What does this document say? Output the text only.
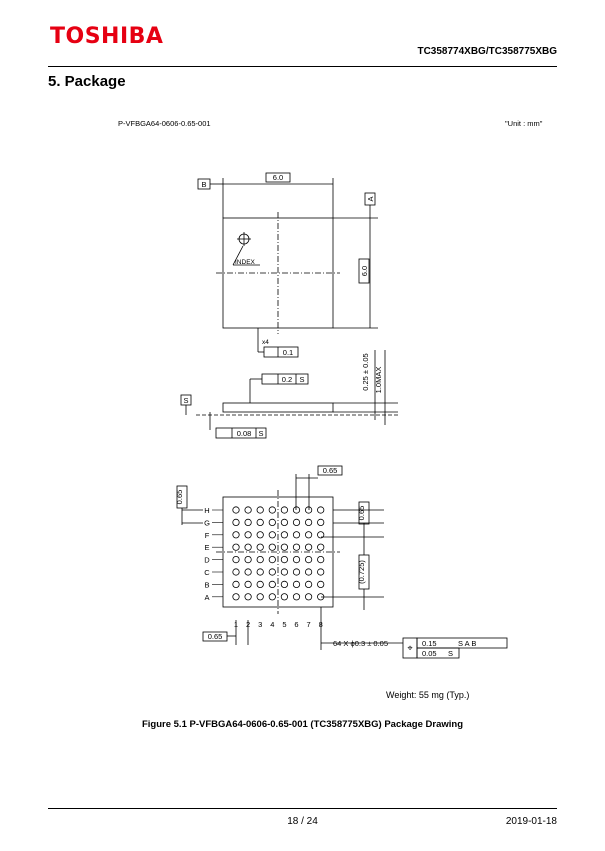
TOSHIBA
TC358774XBG/TC358775XBG
5. Package
P-VFBGA64-0606-0.65-001	"Unit : mm"
H
G
F
E
D
C
B
A
1 2 3 4 5 6 7 8
B
6.0
A
6.0
INDEX
x4
0.1
0.2 S
S
0.08 S
0.25 ± 0.05 1.0MAX
0.65
0.65
0.65
(0.725)
0.65
64 X ϕ0.3 ± 0.05 ⌖ 0.15	S A B
0.05 S
Weight: 55 mg (Typ.)
Figure 5.1 P-VFBGA64-0606-0.65-001 (TC358775XBG) Package Drawing
18 / 24	2019-01-18
